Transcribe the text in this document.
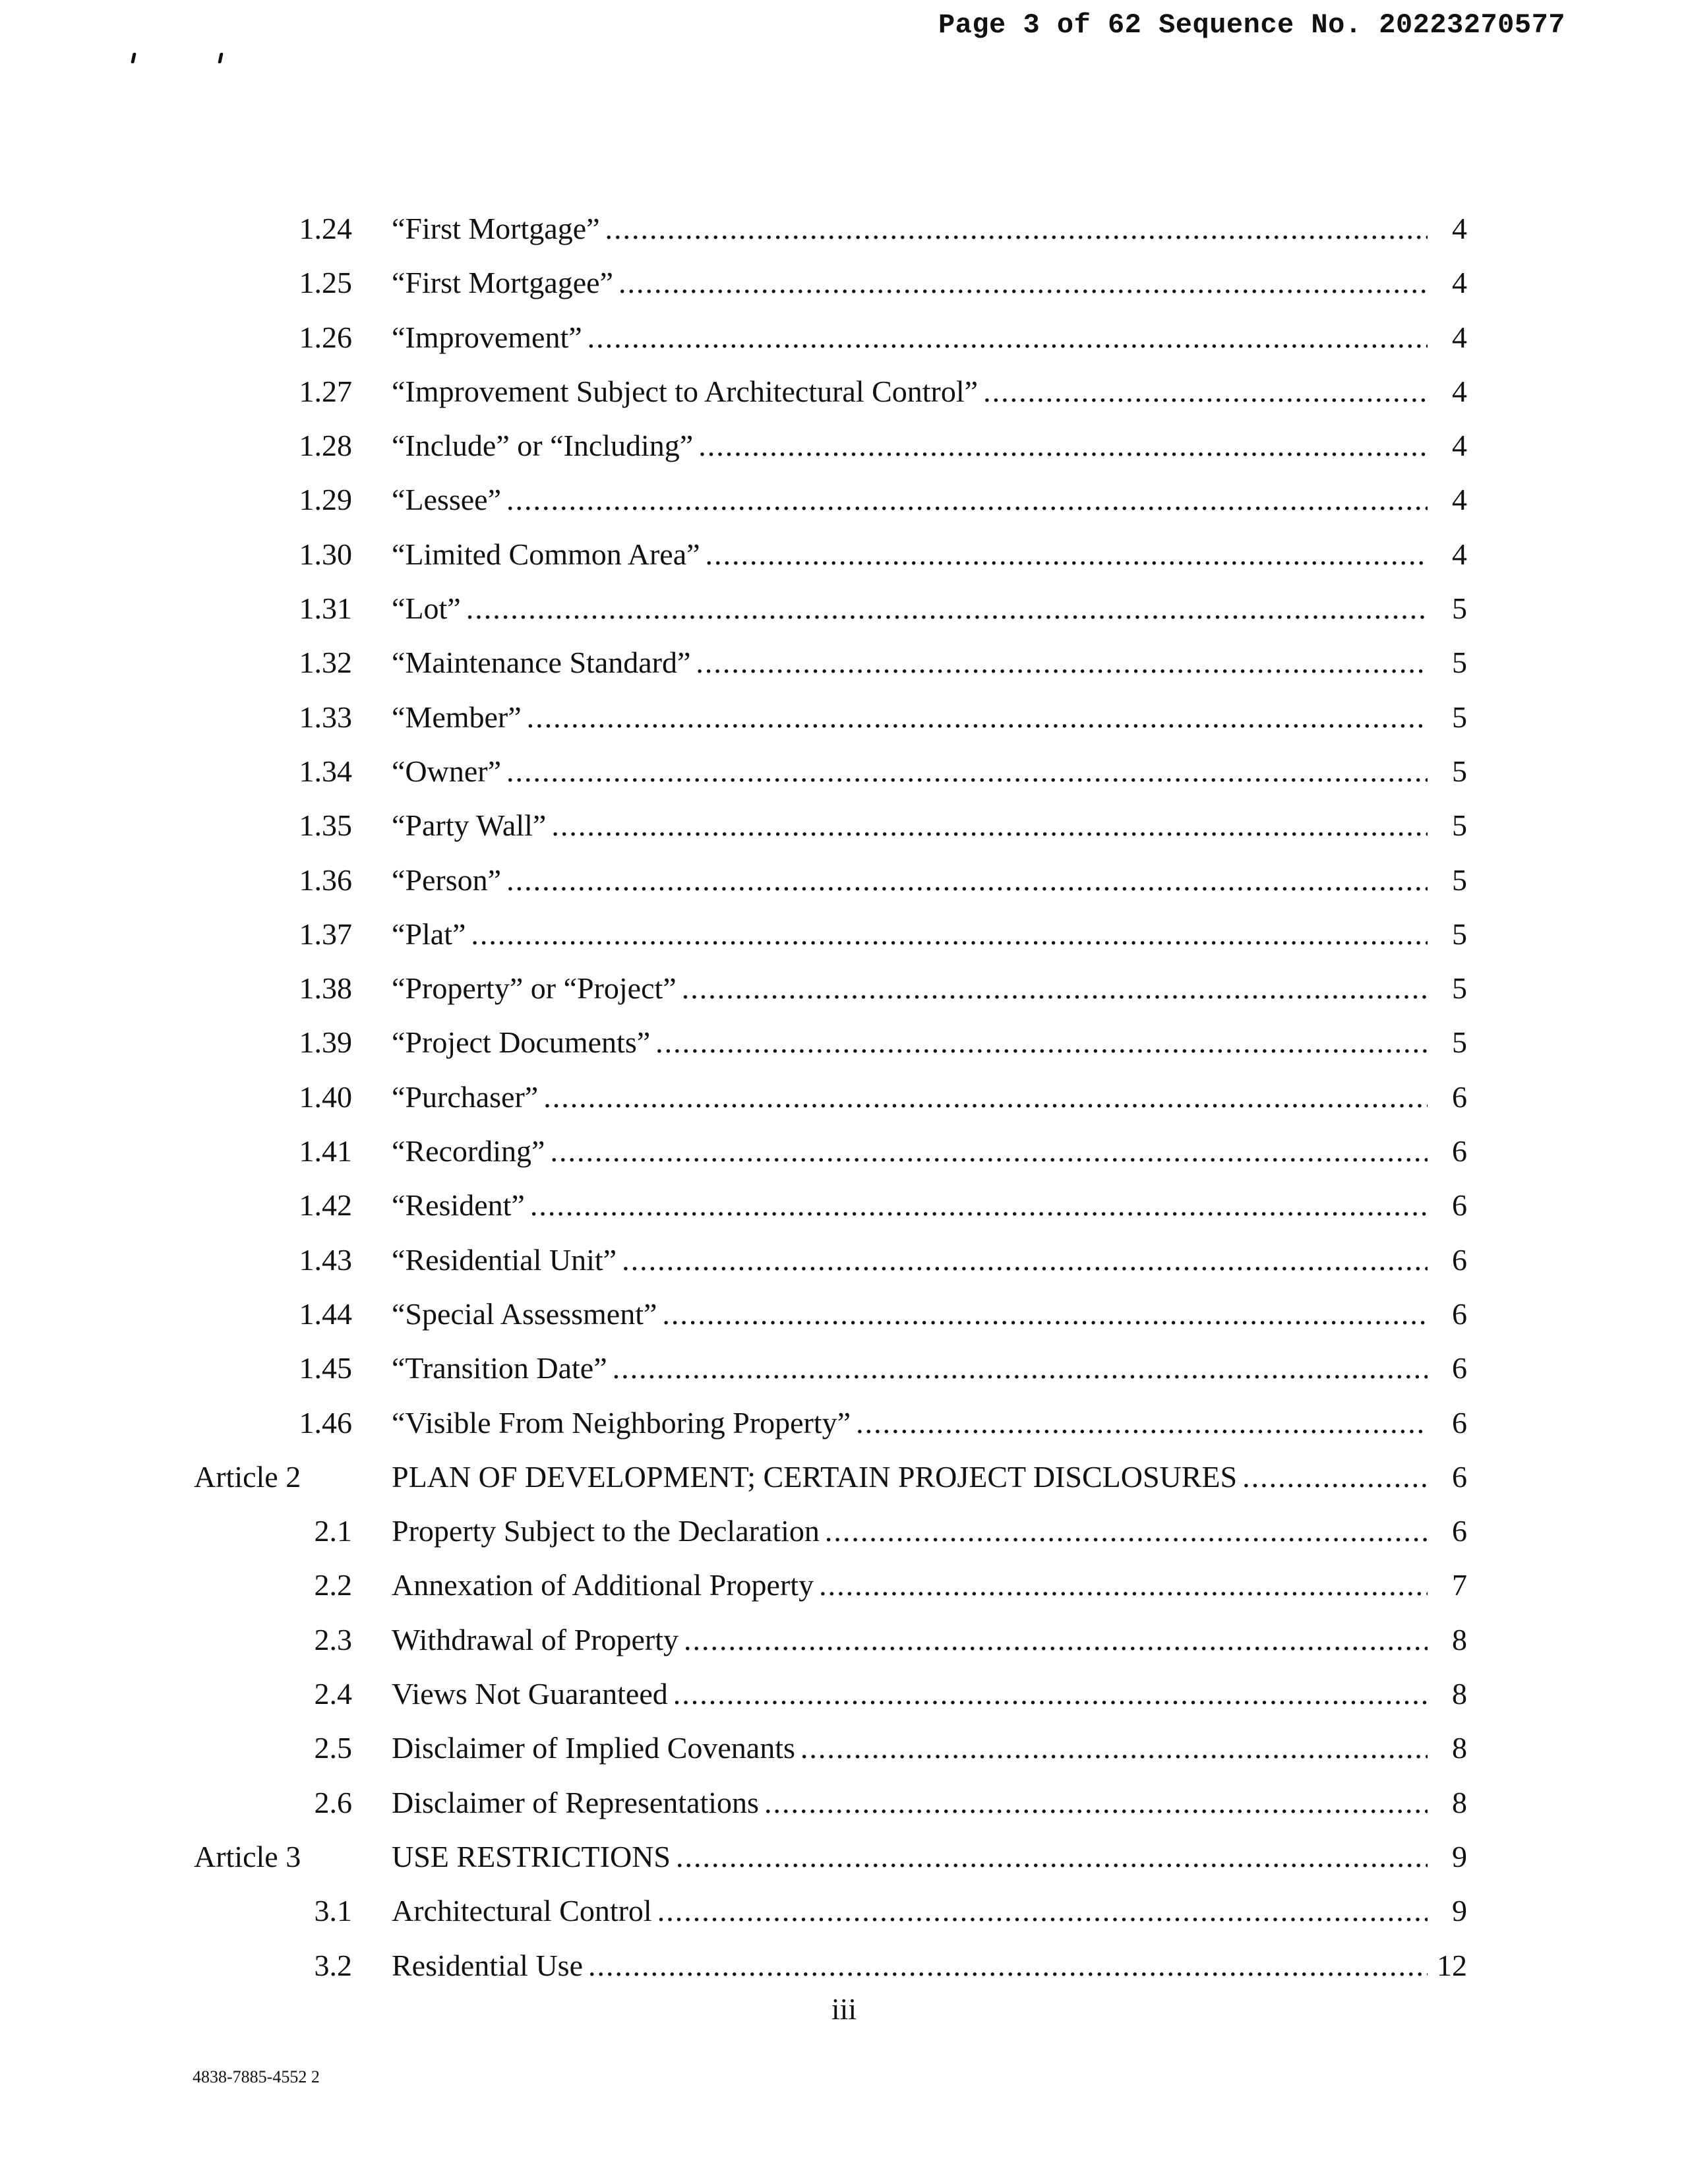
Page 3 of 62 Sequence No. 20223270577
1.24 “First Mortgage” .....	4
1.25 “First Mortgagee” .....	4
1.26 “Improvement” .....	4
1.27 “Improvement Subject to Architectural Control” .....	4
1.28 “Include” or “Including” .....	4
1.29 “Lessee” .....	4
1.30 “Limited Common Area” .....	4
1.31 “Lot” .....	5
1.32 “Maintenance Standard” .....	5
1.33 “Member” .....	5
1.34 “Owner” .....	5
1.35 “Party Wall” .....	5
1.36 “Person” .....	5
1.37 “Plat” .....	5
1.38 “Property” or “Project” .....	5
1.39 “Project Documents” .....	5
1.40 “Purchaser” .....	6
1.41 “Recording” .....	6
1.42 “Resident” .....	6
1.43 “Residential Unit” .....	6
1.44 “Special Assessment” .....	6
1.45 “Transition Date” .....	6
1.46 “Visible From Neighboring Property” .....	6
Article 2	PLAN OF DEVELOPMENT; CERTAIN PROJECT DISCLOSURES .....	6
2.1 Property Subject to the Declaration .....	6
2.2 Annexation of Additional Property .....	7
2.3 Withdrawal of Property .....	8
2.4 Views Not Guaranteed .....	8
2.5 Disclaimer of Implied Covenants .....	8
2.6 Disclaimer of Representations .....	8
Article 3	USE RESTRICTIONS .....	9
3.1 Architectural Control .....	9
3.2 Residential Use .....	12
iii
4838-7885-4552 2
